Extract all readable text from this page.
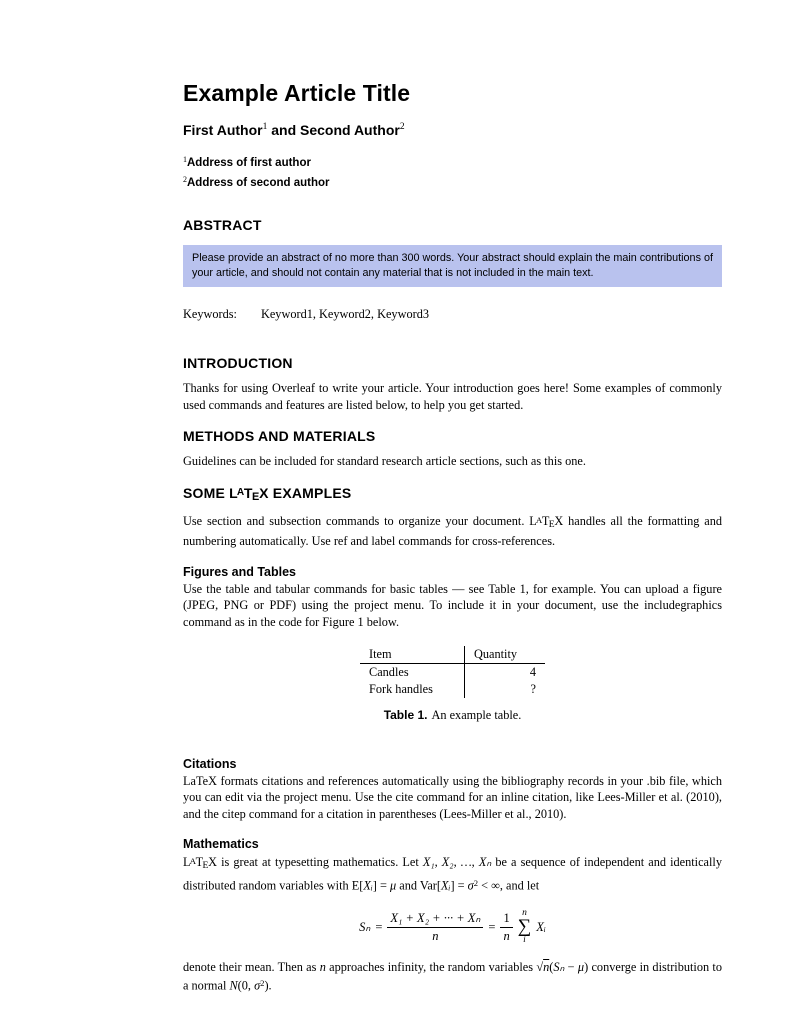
Example Article Title
First Author$^1$ and Second Author$^2$
$^1$Address of first author
$^2$Address of second author
ABSTRACT
Please provide an abstract of no more than 300 words. Your abstract should explain the main contributions of your article, and should not contain any material that is not included in the main text.
Keywords: Keyword1, Keyword2, Keyword3
INTRODUCTION

Thanks for using Overleaf to write your article. Your introduction goes here! Some examples of commonly used commands and features are listed below, to help you get started.

METHODS AND MATERIALS

Guidelines can be included for standard research article sections, such as this one.

SOME LATEX EXAMPLES

Use section and subsection commands to organize your document. LATEX handles all the formatting and numbering automatically. Use ref and label commands for cross-references.

Figures and Tables

Use the table and tabular commands for basic tables — see Table 1, for example. You can upload a figure (JPEG, PNG or PDF) using the project menu. To include it in your document, use the includegraphics command as in the code for Figure 1 below.

Item	Quantity
Candles	4
Fork handles	?
Table 1. An example table.
Citations

LaTeX formats citations and references automatically using the bibliography records in your .bib file, which you can edit via the project menu. Use the cite command for an inline citation, like Lees-Miller et al. (2010), and the citep command for a citation in parentheses (Lees-Miller et al., 2010).

Mathematics

LATEX is great at typesetting mathematics. Let X₁, X₂, …, Xₙ be a sequence of independent and identically distributed random variables with E[Xᵢ] = μ and Var[Xᵢ] = $\sigma^2$ < ∞, and let

$S_n = \frac{\text{X₁ + X₂ + ··· + Xₙ}}{n} = \frac{1}{n}$ n
∑
i
Xᵢ

denote their mean. Then as n approaches infinity, the random variables √n(Sₙ − μ) converge in distribution to a normal N(0, $\sigma^2$).
